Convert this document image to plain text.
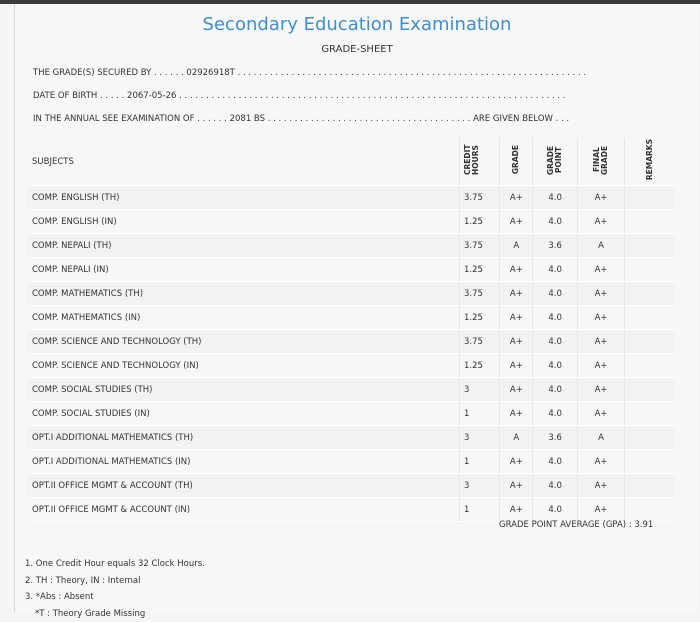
Secondary Education Examination
GRADE-SHEET
THE GRADE(S) SECURED BY . . . . . . 02926918T . . . . . . . . . . . . . . . . . . . . . . . . . . . . . . . . . . . . . . . . . . . . . . . . . . . . . . . . . . . . . . . . .
DATE OF BIRTH . . . . . 2067-05-26 . . . . . . . . . . . . . . . . . . . . . . . . . . . . . . . . . . . . . . . . . . . . . . . . . . . . . . . . . . . . . . . . . . . . . . . .
IN THE ANNUAL SEE EXAMINATION OF . . . . . . 2081 BS . . . . . . . . . . . . . . . . . . . . . . . . . . . . . . . . . . . . . . ARE GIVEN BELOW . . .
SUBJECTS	CREDIT HOURS	GRADE	GRADE POINT	FINAL GRADE	REMARKS
COMP. ENGLISH (TH)	3.75	A+	4.0	A+	
COMP. ENGLISH (IN)	1.25	A+	4.0	A+	
COMP. NEPALI (TH)	3.75	A	3.6	A	
COMP. NEPALI (IN)	1.25	A+	4.0	A+	
COMP. MATHEMATICS (TH)	3.75	A+	4.0	A+	
COMP. MATHEMATICS (IN)	1.25	A+	4.0	A+	
COMP. SCIENCE AND TECHNOLOGY (TH)	3.75	A+	4.0	A+	
COMP. SCIENCE AND TECHNOLOGY (IN)	1.25	A+	4.0	A+	
COMP. SOCIAL STUDIES (TH)	3	A+	4.0	A+	
COMP. SOCIAL STUDIES (IN)	1	A+	4.0	A+	
OPT.I ADDITIONAL MATHEMATICS (TH)	3	A	3.6	A	
OPT.I ADDITIONAL MATHEMATICS (IN)	1	A+	4.0	A+	
OPT.II OFFICE MGMT & ACCOUNT (TH)	3	A+	4.0	A+	
OPT.II OFFICE MGMT & ACCOUNT (IN)	1	A+	4.0	A+	
GRADE POINT AVERAGE (GPA) : 3.91
1. One Credit Hour equals 32 Clock Hours.
2. TH : Theory, IN : Internal
3. *Abs : Absent
*T : Theory Grade Missing
